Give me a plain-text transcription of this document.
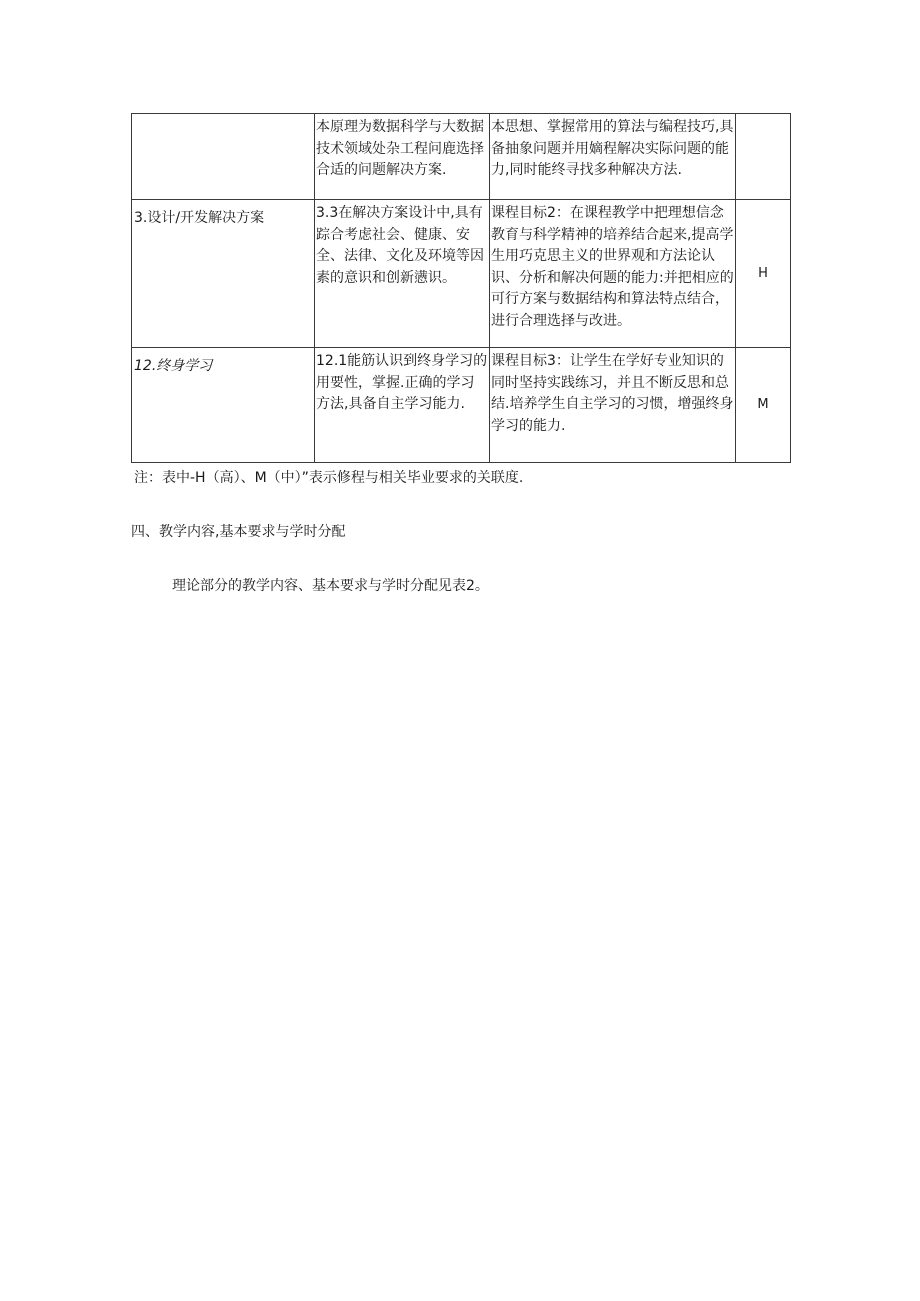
	本原理为数据科学与大数据技术领域处杂工程问鹿选择合适的问题解决方案.	本思想、掌握常用的算法与编程技巧,具备抽象问题并用嫡程解决实际问题的能力,同时能终寻找多种解决方法.	
3.设计/开发解决方案	3.3在解决方案设计中,具有踪合考虑社会、健康、安全、法律、文化及环境等因素的意识和创新懑识。	课程目标2：在课程教学中把理想信念教育与科学精神的培养结合起来,提高学生用巧克思主义的世界观和方法论认识、分析和解决何题的能力:并把相应的可行方案与数据结构和算法特点结合，进行合理选择与改进。	H
12.终身学习	12.1能筋认识到终身学习的用要性，掌握.正确的学习方法,具备自主学习能力.	课程目标3：让学生在学好专业知识的同时坚持实践练习，并且不断反思和总结.培养学生自主学习的习惯，增强终身学习的能力.	M
注：表中-H（高）、M（中）”表示修程与相关毕业要求的关联度.
四、教学内容,基本要求与学时分配
理论部分的教学内容、基本要求与学时分配见表2。
